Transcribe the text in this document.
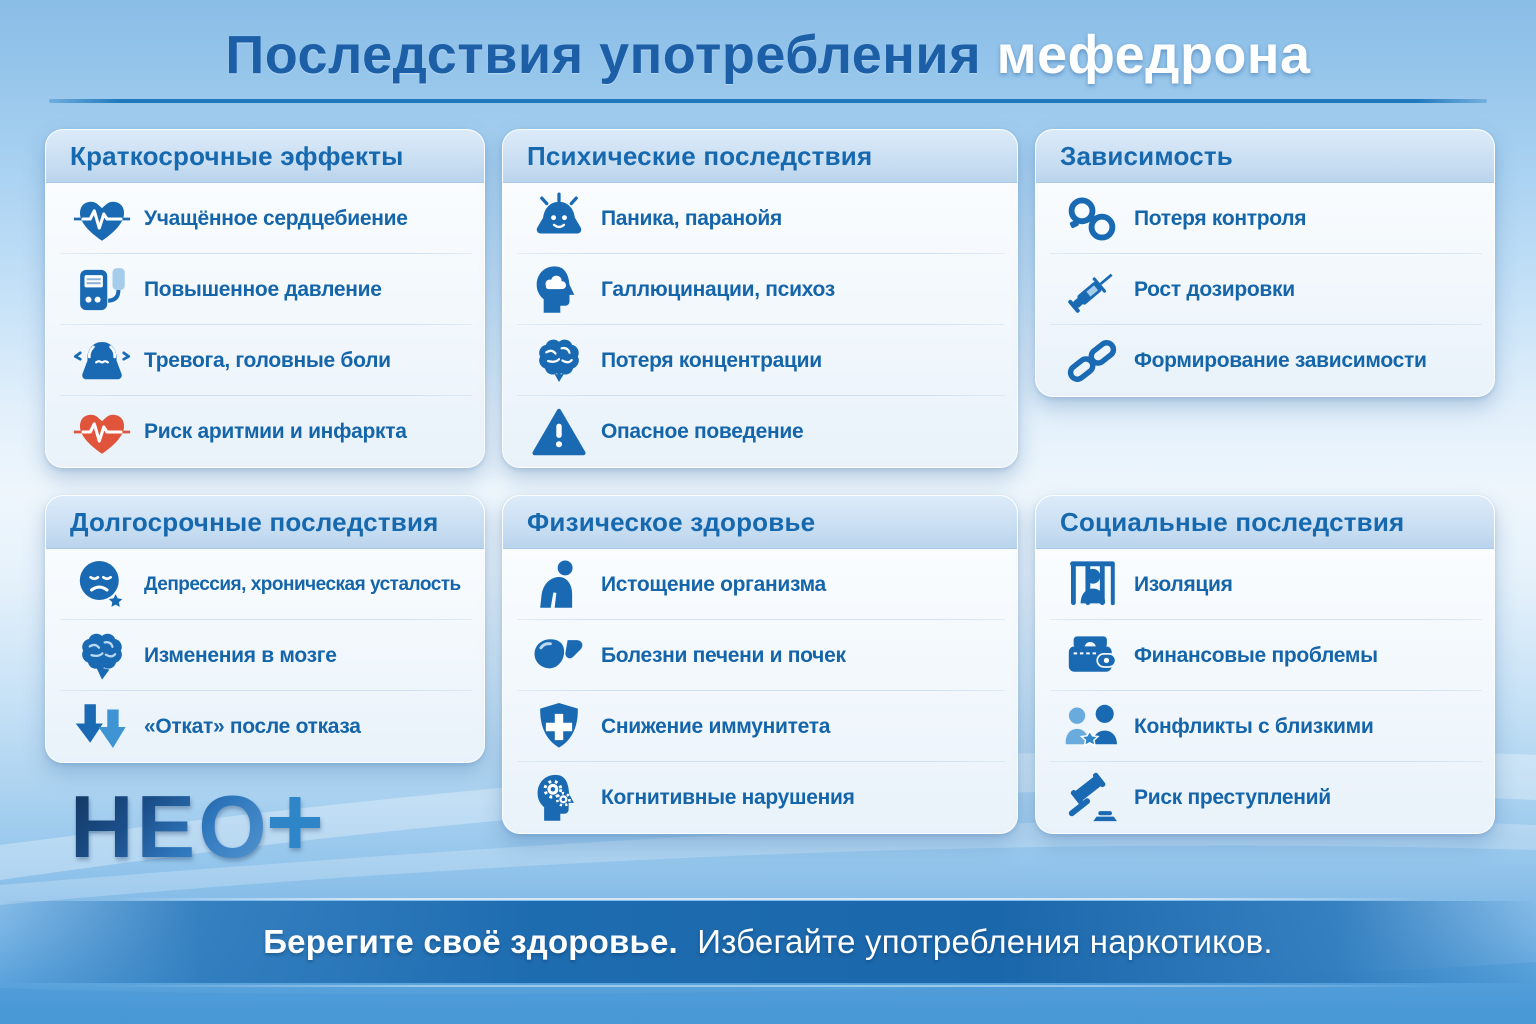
Последствия употребления мефедрона
Краткосрочные эффекты
Учащённое сердцебиение
Повышенное давление
Тревога, головные боли
Риск аритмии и инфаркта
Психические последствия
Паника, паранойя
Галлюцинации, психоз
Потеря концентрации
Опасное поведение
Зависимость
Потеря контроля
Рост дозировки
Формирование зависимости
Долгосрочные последствия
Депрессия, хроническая усталость
Изменения в мозге
«Откат» после отказа
Физическое здоровье
Истощение организма
Болезни печени и почек
Снижение иммунитета
Когнитивные нарушения
Социальные последствия
Изоляция
Финансовые проблемы
Конфликты с близкими
Риск преступлений
НЕО
+
Берегите своё здоровье. Избегайте употребления наркотиков.
